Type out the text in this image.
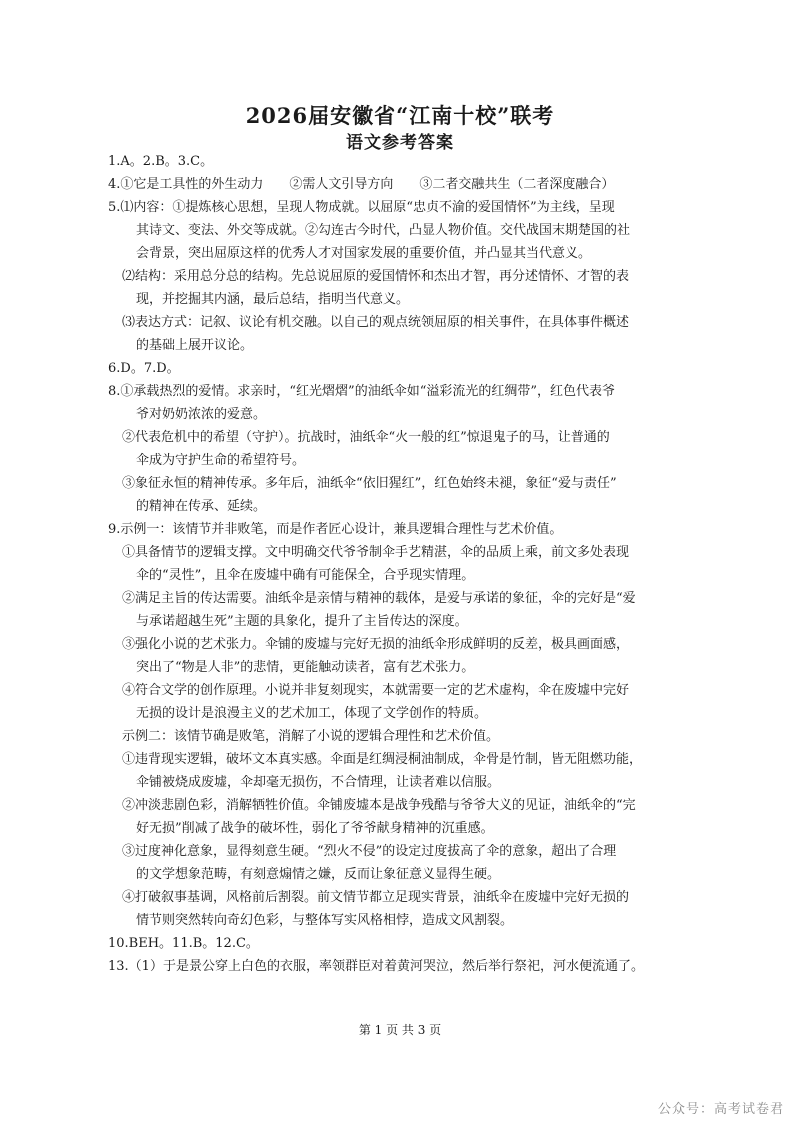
2026届安徽省“江南十校”联考
语文参考答案
1.A。2.B。3.C。
4.①它是工具性的外生动力　　②需人文引导方向　　③二者交融共生（二者深度融合）
5.⑴内容：①提炼核心思想，呈现人物成就。以屈原“忠贞不渝的爱国情怀”为主线，呈现
其诗文、变法、外交等成就。②勾连古今时代，凸显人物价值。交代战国末期楚国的社
会背景，突出屈原这样的优秀人才对国家发展的重要价值，并凸显其当代意义。
⑵结构：采用总分总的结构。先总说屈原的爱国情怀和杰出才智，再分述情怀、才智的表
现，并挖掘其内涵，最后总结，指明当代意义。
⑶表达方式：记叙、议论有机交融。以自己的观点统领屈原的相关事件，在具体事件概述
的基础上展开议论。
6.D。7.D。
8.①承载热烈的爱情。求亲时，“红光熠熠”的油纸伞如“溢彩流光的红绸带”，红色代表爷
爷对奶奶浓浓的爱意。
②代表危机中的希望（守护）。抗战时，油纸伞“火一般的红”惊退鬼子的马，让普通的
伞成为守护生命的希望符号。
③象征永恒的精神传承。多年后，油纸伞“依旧猩红”，红色始终未褪，象征“爱与责任”
的精神在传承、延续。
9.示例一：该情节并非败笔，而是作者匠心设计，兼具逻辑合理性与艺术价值。
①具备情节的逻辑支撑。文中明确交代爷爷制伞手艺精湛，伞的品质上乘，前文多处表现
伞的“灵性”，且伞在废墟中确有可能保全，合乎现实情理。
②满足主旨的传达需要。油纸伞是亲情与精神的载体，是爱与承诺的象征，伞的完好是“爱
与承诺超越生死”主题的具象化，提升了主旨传达的深度。
③强化小说的艺术张力。伞铺的废墟与完好无损的油纸伞形成鲜明的反差，极具画面感，
突出了“物是人非”的悲情，更能触动读者，富有艺术张力。
④符合文学的创作原理。小说并非复刻现实，本就需要一定的艺术虚构，伞在废墟中完好
无损的设计是浪漫主义的艺术加工，体现了文学创作的特质。
示例二：该情节确是败笔，消解了小说的逻辑合理性和艺术价值。
①违背现实逻辑，破坏文本真实感。伞面是红绸浸桐油制成，伞骨是竹制，皆无阻燃功能，
伞铺被烧成废墟，伞却毫无损伤，不合情理，让读者难以信服。
②冲淡悲剧色彩，消解牺牲价值。伞铺废墟本是战争残酷与爷爷大义的见证，油纸伞的“完
好无损”削减了战争的破坏性，弱化了爷爷献身精神的沉重感。
③过度神化意象，显得刻意生硬。“烈火不侵”的设定过度拔高了伞的意象，超出了合理
的文学想象范畴，有刻意煽情之嫌，反而让象征意义显得生硬。
④打破叙事基调，风格前后割裂。前文情节都立足现实背景，油纸伞在废墟中完好无损的
情节则突然转向奇幻色彩，与整体写实风格相悖，造成文风割裂。
10.BEH。11.B。12.C。
13.（1）于是景公穿上白色的衣服，率领群臣对着黄河哭泣，然后举行祭祀，河水便流通了。
第 1 页 共 3 页
公众号：高考试卷君
